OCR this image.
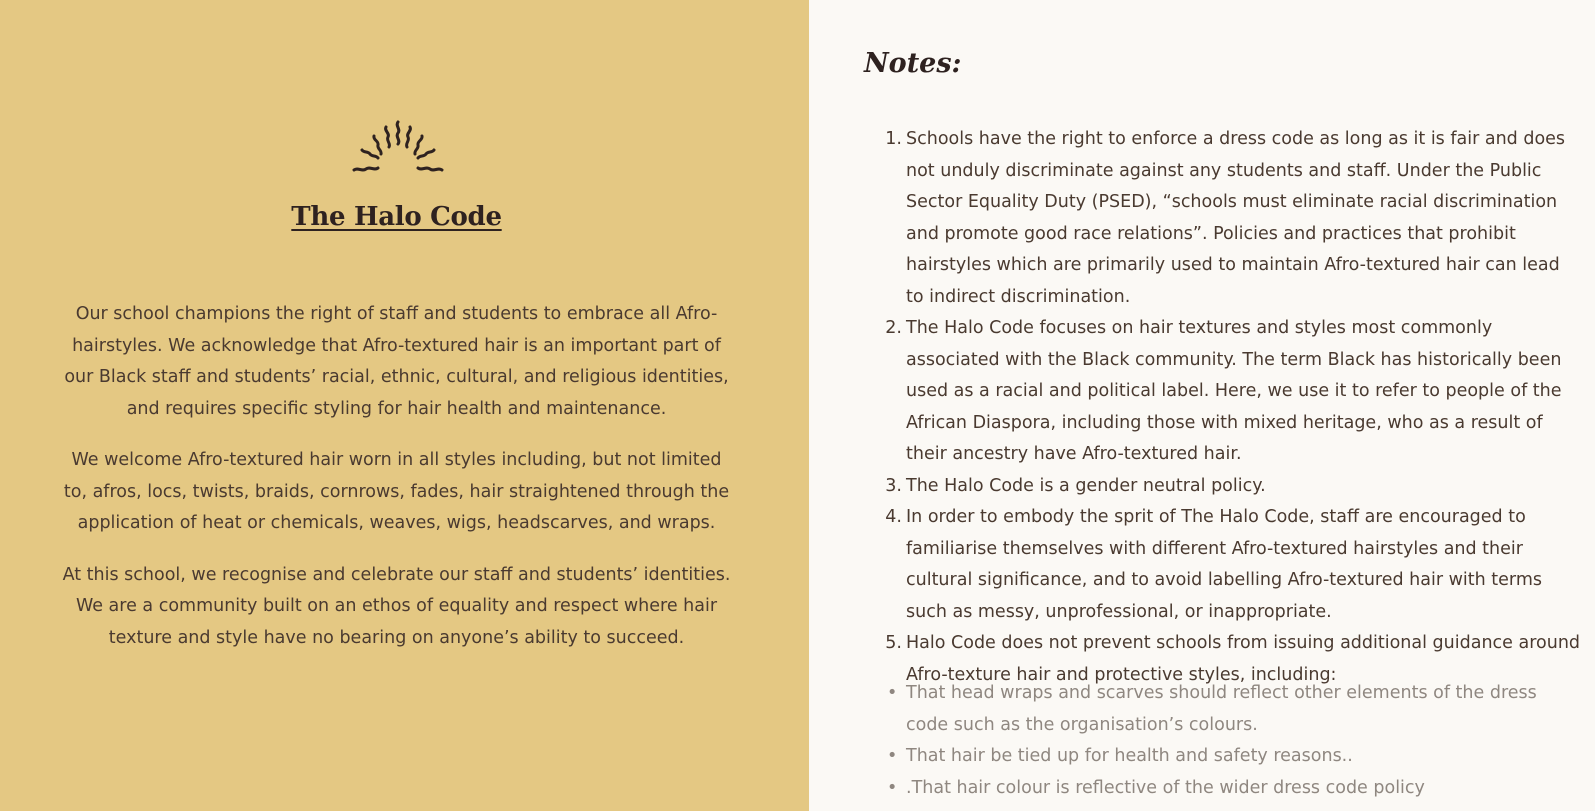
The Halo Code

Our school champions the right of staff and students to embrace all Afro-hairstyles. We acknowledge that Afro-textured hair is an important part of our Black staff and students’ racial, ethnic, cultural, and religious identities, and requires specific styling for hair health and maintenance.

We welcome Afro-textured hair worn in all styles including, but not limited to, afros, locs, twists, braids, cornrows, fades, hair straightened through the application of heat or chemicals, weaves, wigs, headscarves, and wraps.

At this school, we recognise and celebrate our staff and students’ identities. We are a community built on an ethos of equality and respect where hair texture and style have no bearing on anyone’s ability to succeed.

Notes:
1. Schools have the right to enforce a dress code as long as it is fair and does not unduly discriminate against any students and staff. Under the Public Sector Equality Duty (PSED), “schools must eliminate racial discrimination and promote good race relations”. Policies and practices that prohibit hairstyles which are primarily used to maintain Afro-textured hair can lead to indirect discrimination.
2. The Halo Code focuses on hair textures and styles most commonly associated with the Black community. The term Black has historically been used as a racial and political label. Here, we use it to refer to people of the African Diaspora, including those with mixed heritage, who as a result of their ancestry have Afro-textured hair.
3. The Halo Code is a gender neutral policy.
4. In order to embody the sprit of The Halo Code, staff are encouraged to familiarise themselves with different Afro-textured hairstyles and their cultural significance, and to avoid labelling Afro-textured hair with terms such as messy, unprofessional, or inappropriate.
5. Halo Code does not prevent schools from issuing additional guidance around Afro-texture hair and protective styles, including:
• That head wraps and scarves should reflect other elements of the dress code such as the organisation’s colours.
• That hair be tied up for health and safety reasons..
• .That hair colour is reflective of the wider dress code policy
